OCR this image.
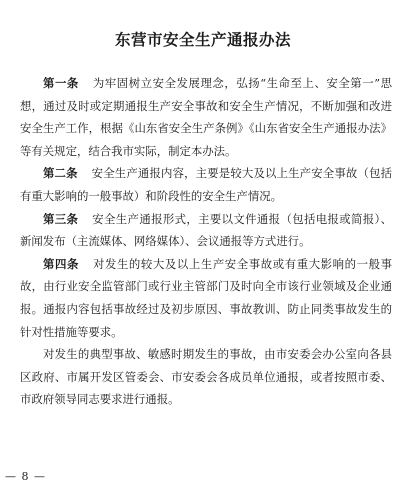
东营市安全生产通报办法

第一条 为牢固树立安全发展理念，弘扬“生命至上、安全第一”思想，通过及时或定期通报生产安全事故和安全生产情况，不断加强和改进安全生产工作，根据《山东省安全生产条例》《山东省安全生产通报办法》等有关规定，结合我市实际，制定本办法。

第二条 安全生产通报内容，主要是较大及以上生产安全事故（包括有重大影响的一般事故）和阶段性的安全生产情况。

第三条 安全生产通报形式，主要以文件通报（包括电报或简报）、新闻发布（主流媒体、网络媒体）、会议通报等方式进行。

第四条 对发生的较大及以上生产安全事故或有重大影响的一般事故，由行业安全监管部门或行业主管部门及时向全市该行业领域及企业通报。通报内容包括事故经过及初步原因、事故教训、防止同类事故发生的针对性措施等要求。

对发生的典型事故、敏感时期发生的事故，由市安委会办公室向各县区政府、市属开发区管委会、市安委会各成员单位通报，或者按照市委、市政府领导同志要求进行通报。

— 8 —
